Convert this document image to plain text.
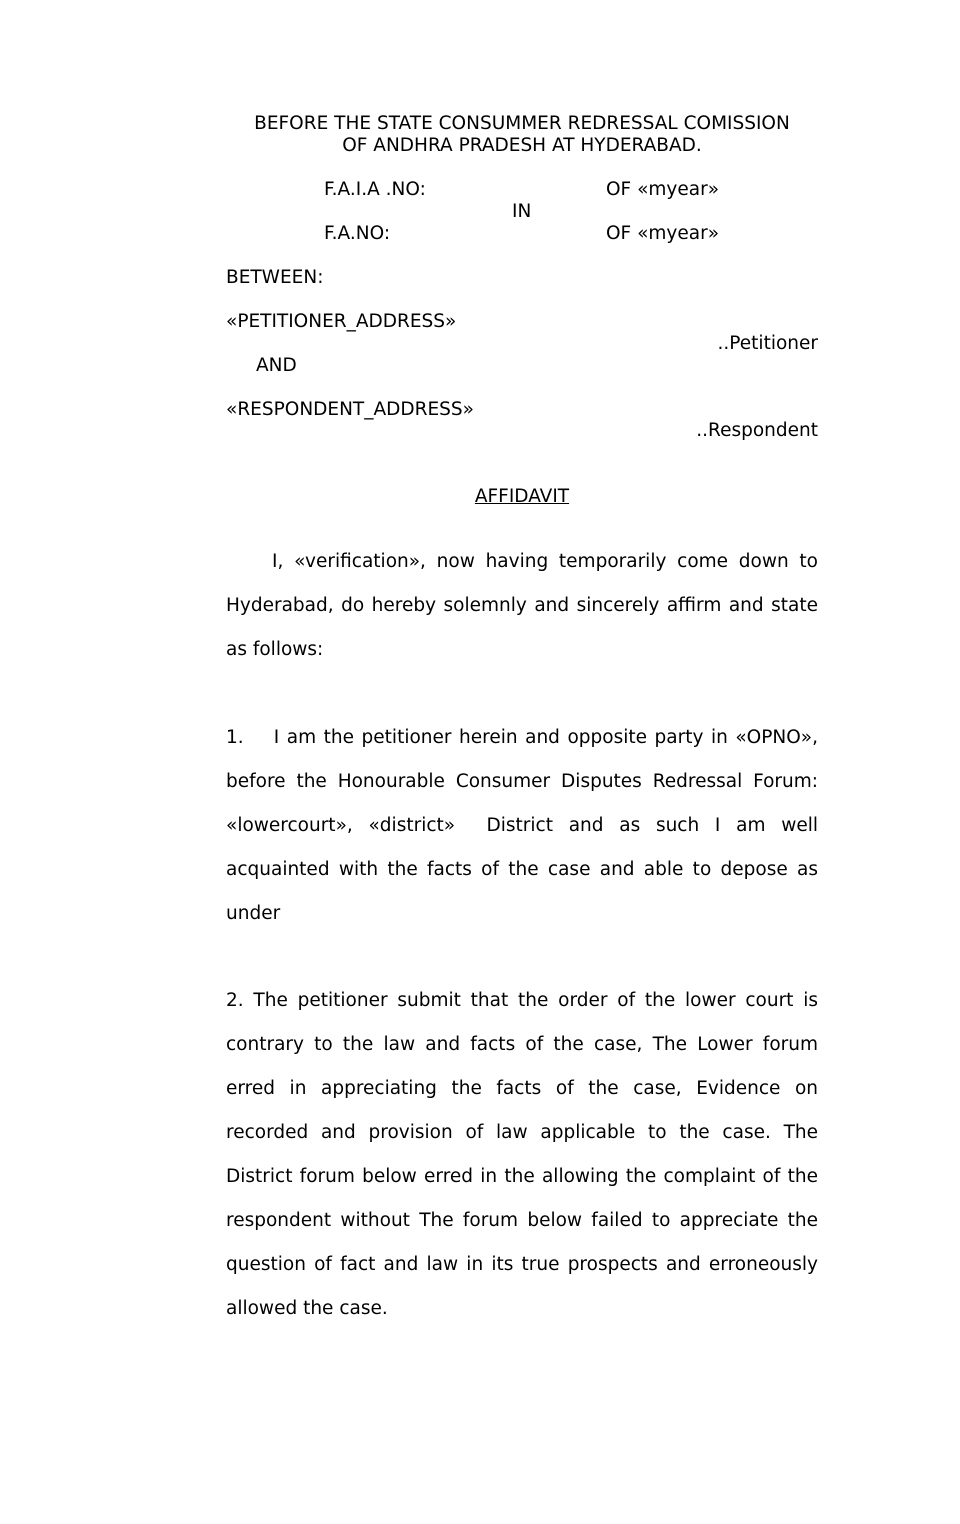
BEFORE THE STATE CONSUMMER REDRESSAL COMISSION
OF ANDHRA PRADESH AT HYDERABAD.
F.A.I.A .NO:	OF «myear»
IN
F.A.NO:	OF «myear»
BETWEEN:
«PETITIONER_ADDRESS»
..Petitioner
AND
«RESPONDENT_ADDRESS»
..Respondent
AFFIDAVIT
I, «verification», now having temporarily come down to Hyderabad, do hereby solemnly and sincerely affirm and state as follows:
1.    I am the petitioner herein and opposite party in «OPNO», before the Honourable Consumer Disputes Redressal Forum: «lowercourt», «district»  District and as such I am well acquainted with the facts of the case and able to depose as under
2. The petitioner submit that the order of the lower court is contrary to the law and facts of the case, The Lower forum erred in appreciating the facts of the case, Evidence on recorded and provision of law applicable to the case. The District forum below erred in the allowing the complaint of the respondent without The forum below failed to appreciate the question of fact and law in its true prospects and erroneously allowed the case.
